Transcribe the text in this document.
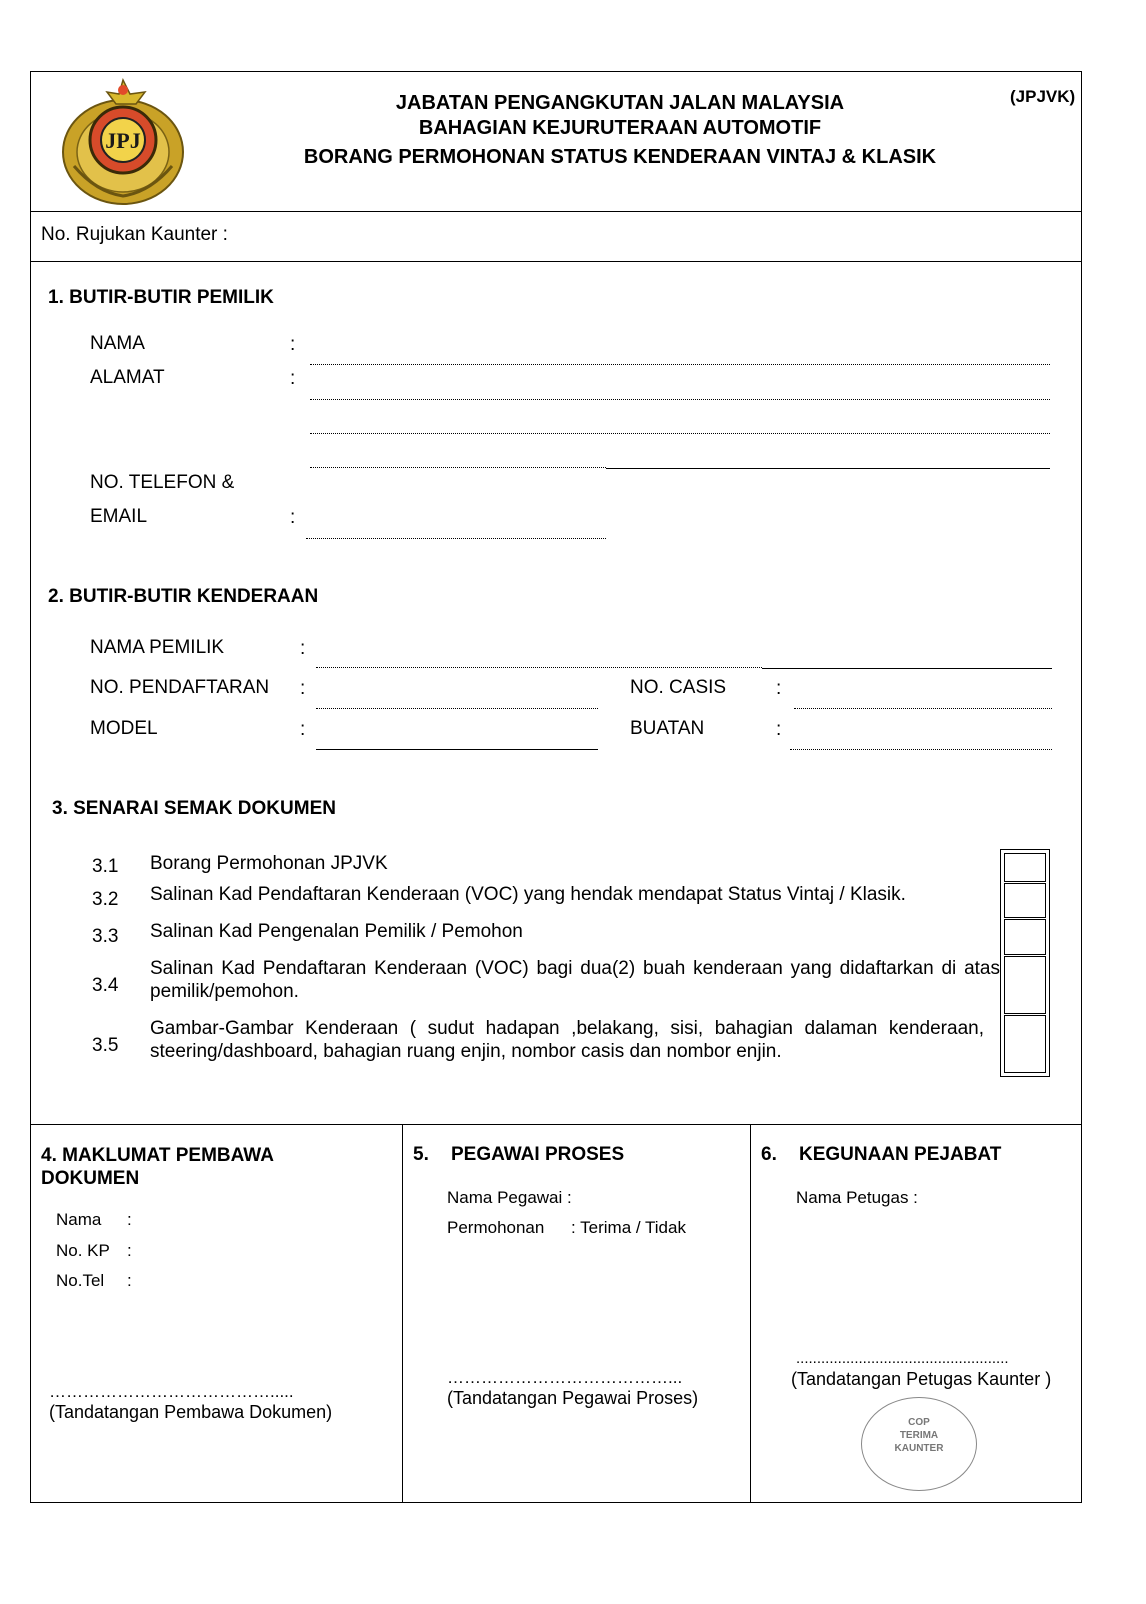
JPJ
JABATAN PENGANGKUTAN JALAN MALAYSIA
BAHAGIAN KEJURUTERAAN AUTOMOTIF
BORANG PERMOHONAN STATUS KENDERAAN VINTAJ & KLASIK
(JPJVK)
No. Rujukan Kaunter :
1. BUTIR-BUTIR PEMILIK
NAMA	:
ALAMAT	:
NO. TELEFON &
EMAIL	:
2. BUTIR-BUTIR KENDERAAN
NAMA PEMILIK	:
NO. PENDAFTARAN :	NO. CASIS	:
MODEL	:	BUATAN	:
3. SENARAI SEMAK DOKUMEN
3.1 Borang Permohonan JPJVK
3.2 Salinan Kad Pendaftaran Kenderaan (VOC) yang hendak mendapat Status Vintaj / Klasik.
3.3 Salinan Kad Pengenalan Pemilik / Pemohon
3.4
Salinan Kad Pendaftaran Kenderaan (VOC) bagi dua(2) buah kenderaan yang didaftarkan di atas pemilik/pemohon.
3.5
Gambar-Gambar Kenderaan ( sudut hadapan ,belakang, sisi, bahagian dalaman kenderaan, steering/dashboard, bahagian ruang enjin, nombor casis dan nombor enjin.
4. MAKLUMAT PEMBAWA DOKUMEN
Nama :
No. KP :
No.Tel :
………………………………….....
(Tandatangan Pembawa Dokumen)
5. PEGAWAI PROSES
Nama Pegawai :
Permohonan : Terima / Tidak
…………………………………...
(Tandatangan Pegawai Proses)
6. KEGUNAAN PEJABAT
Nama Petugas :
...................................................
(Tandatangan Petugas Kaunter )
COP
TERIMA
KAUNTER
